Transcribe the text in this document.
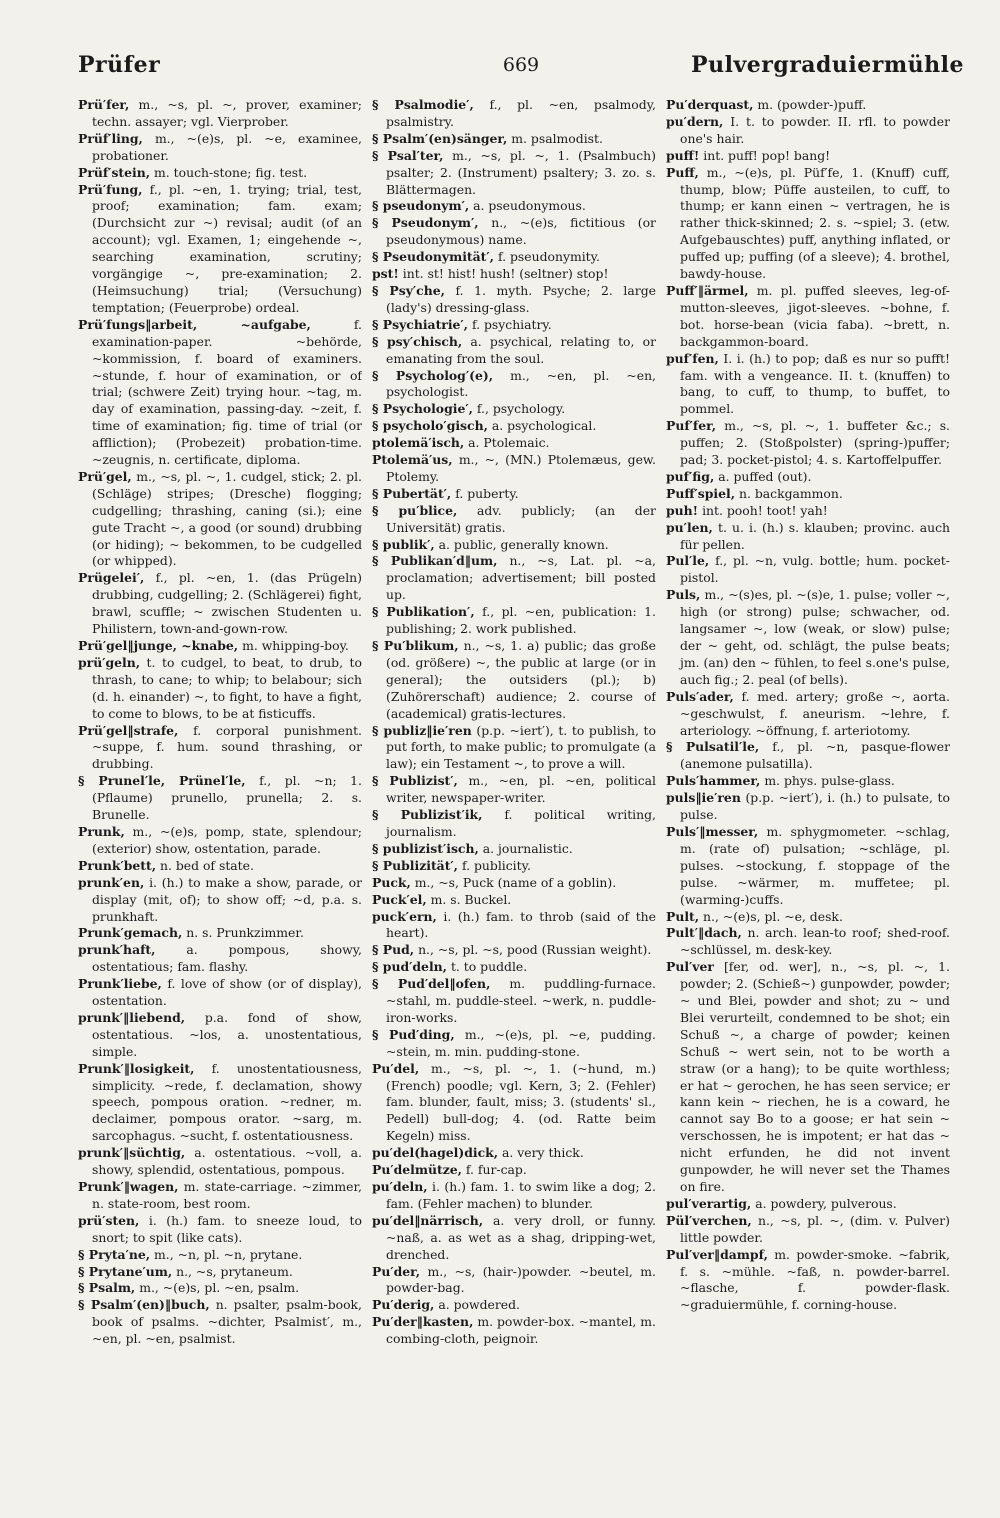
Prüfer	669	Pulvergraduiermühle

Prü′fer, m., ~s, pl. ~, prover, examiner; techn. assayer; vgl. Vierprober.

Prüf′ling, m., ~(e)s, pl. ~e, examinee, probationer.

Prüf′stein, m. touch-stone; fig. test.

Prü′fung, f., pl. ~en, 1. trying; trial, test, proof; examination; fam. exam; (Durchsicht zur ~) revisal; audit (of an account); vgl. Examen, 1; eingehende ~, searching examination, scrutiny; vorgängige ~, pre-examination; 2. (Heimsuchung) trial; (Versuchung) temptation; (Feuerprobe) ordeal.

Prü′fungs‖arbeit, ~aufgabe,	f. examination-paper. ~behörde, ~kommission, f. board of examiners. ~stunde, f. hour of examination, or of trial; (schwere Zeit) trying hour. ~tag, m. day of examination, passing-day. ~zeit, f. time of examination; fig. time of trial (or affliction); (Probezeit) probation-time. ~zeugnis, n. certificate, diploma.

Prü′gel, m., ~s, pl. ~, 1. cudgel, stick; 2. pl. (Schläge) stripes; (Dresche) flogging; cudgelling; thrashing, caning (si.); eine gute Tracht ~, a good (or sound) drubbing (or hiding); ~ bekommen, to be cudgelled (or whipped).

Prügelei′, f., pl. ~en, 1. (das Prügeln) drubbing, cudgelling; 2. (Schlägerei) fight, brawl, scuffle; ~ zwischen Studenten u. Philistern, town-and-gown-row.

Prü′gel‖junge, ~knabe, m. whipping-boy.

prü′geln, t. to cudgel, to beat, to drub, to thrash, to cane; to whip; to belabour; sich (d. h. einander) ~, to fight, to have a fight, to come to blows, to be at fisticuffs.

Prü′gel‖strafe, f. corporal punishment. ~suppe, f. hum. sound thrashing, or drubbing.

§ Prunel′le, Prünel′le, f., pl. ~n; 1. (Pflaume) prunello, prunella; 2. s. Brunelle.

Prunk, m., ~(e)s, pomp, state, splendour; (exterior) show, ostentation, parade.

Prunk′bett, n. bed of state.

prunk′en, i. (h.) to make a show, parade, or display (mit, of); to show off; ~d, p.a. s. prunkhaft.

Prunk′gemach, n. s. Prunkzimmer.

prunk′haft, a. pompous, showy, ostentatious; fam. flashy.

Prunk′liebe, f. love of show (or of display), ostentation.

prunk′‖liebend, p.a. fond of show, ostentatious. ~los, a. unostentatious, simple.

Prunk′‖losigkeit, f. unostentatiousness, simplicity. ~rede, f. declamation, showy speech, pompous oration. ~redner, m. declaimer, pompous orator. ~sarg, m. sarcophagus. ~sucht, f. ostentatiousness.

prunk′‖süchtig, a. ostentatious. ~voll, a. showy, splendid, ostentatious, pompous.

Prunk′‖wagen, m. state-carriage. ~zimmer, n. state-room, best room.

prü′sten, i. (h.) fam. to sneeze loud, to snort; to spit (like cats).

§ Pryta′ne, m., ~n, pl. ~n, prytane.

§ Prytane′um, n., ~s, prytaneum.

§ Psalm, m., ~(e)s, pl. ~en, psalm.

§ Psalm′(en)‖buch, n. psalter, psalm-book, book of psalms. ~dichter, Psalmist′, m., ~en, pl. ~en, psalmist.

§ Psalmodie′, f., pl. ~en, psalmody, psalmistry.

§ Psalm′(en)sänger, m. psalmodist.

§ Psal′ter, m., ~s, pl. ~, 1. (Psalmbuch) psalter; 2. (Instrument) psaltery; 3. zo. s. Blättermagen.

§ pseudonym′, a. pseudonymous.

§ Pseudonym′, n., ~(e)s, fictitious (or pseudonymous) name.

§ Pseudonymität′, f. pseudonymity.

pst! int. st! hist! hush! (seltner) stop!

§ Psy′che, f. 1. myth. Psyche; 2. large (lady's) dressing-glass.

§ Psychiatrie′, f. psychiatry.

§ psy′chisch, a. psychical, relating to, or emanating from the soul.

§ Psycholog′(e), m., ~en, pl. ~en, psychologist.

§ Psychologie′, f., psychology.

§ psycholo′gisch, a. psychological.

ptolemä′isch, a. Ptolemaic.

Ptolemä′us, m., ~, (MN.) Ptolemæus, gew. Ptolemy.

§ Pubertät′, f. puberty.

§ pu′blice, adv. publicly; (an der Universität) gratis.

§ publik′, a. public, generally known.

§ Publikan′d‖um, n., ~s, Lat. pl. ~a, proclamation; advertisement; bill posted up.

§ Publikation′, f., pl. ~en, publication: 1. publishing; 2. work published.

§ Pu′blikum, n., ~s, 1. a) public; das große (od. größere) ~, the public at large (or in general); the outsiders (pl.); b) (Zuhörerschaft) audience; 2. course of (academical) gratis-lectures.

§ publiz‖ie′ren (p.p. ~iert′), t. to publish, to put forth, to make public; to promulgate (a law); ein Testament ~, to prove a will.

§ Publizist′, m., ~en, pl. ~en, political writer, newspaper-writer.

§ Publizist′ik, f. political writing, journalism.

§ publizist′isch, a. journalistic.

§ Publizität′, f. publicity.

Puck, m., ~s, Puck (name of a goblin).

Puck′el, m. s. Buckel.

puck′ern, i. (h.) fam. to throb (said of the heart).

§ Pud, n., ~s, pl. ~s, pood (Russian weight).

§ pud′deln, t. to puddle.

§ Pud′del‖ofen, m. puddling-furnace. ~stahl, m. puddle-steel. ~werk, n. puddle-iron-works.

§ Pud′ding, m., ~(e)s, pl. ~e, pudding. ~stein, m. min. pudding-stone.

Pu′del, m., ~s, pl. ~, 1. (~hund, m.) (French) poodle; vgl. Kern, 3; 2. (Fehler) fam. blunder, fault, miss; 3. (students' sl., Pedell) bull-dog; 4. (od. Ratte beim Kegeln) miss.

pu′del(hagel)dick, a. very thick.

Pu′delmütze, f. fur-cap.

pu′deln, i. (h.) fam. 1. to swim like a dog; 2. fam. (Fehler machen) to blunder.

pu′del‖närrisch, a. very droll, or funny. ~naß, a. as wet as a shag, dripping-wet, drenched.

Pu′der, m., ~s, (hair-)powder. ~beutel, m. powder-bag.

Pu′derig, a. powdered.

Pu′der‖kasten, m. powder-box. ~mantel, m. combing-cloth, peignoir.

Pu′derquast, m. (powder-)puff.

pu′dern, I. t. to powder. II. rfl. to powder one's hair.

puff! int. puff! pop! bang!

Puff, m., ~(e)s, pl. Püf′fe, 1. (Knuff) cuff, thump, blow; Püffe austeilen, to cuff, to thump; er kann einen ~ vertragen, he is rather thick-skinned; 2. s. ~spiel; 3. (etw. Aufgebauschtes) puff, anything inflated, or puffed up; puffing (of a sleeve); 4. brothel, bawdy-house.

Puff′‖ärmel, m. pl. puffed sleeves, leg-of-mutton-sleeves, jigot-sleeves. ~bohne, f. bot. horse-bean (vicia faba). ~brett, n. backgammon-board.

puf′fen, I. i. (h.) to pop; daß es nur so pufft! fam. with a vengeance. II. t. (knuffen) to bang, to cuff, to thump, to buffet, to pommel.

Puf′fer, m., ~s, pl. ~, 1. buffeter &c.; s. puffen; 2. (Stoßpolster) (spring-)puffer; pad; 3. pocket-pistol; 4. s. Kartoffelpuffer.

puf′fig, a. puffed (out).

Puff′spiel, n. backgammon.

puh! int. pooh! toot! yah!

pu′len, t. u. i. (h.) s. klauben; provinc. auch für pellen.

Pul′le, f., pl. ~n, vulg. bottle; hum. pocket-pistol.

Puls, m., ~(s)es, pl. ~(s)e, 1. pulse; voller ~, high (or strong) pulse; schwacher, od. langsamer ~, low (weak, or slow) pulse; der ~ geht, od. schlägt, the pulse beats; jm. (an) den ~ fühlen, to feel s.one's pulse, auch fig.; 2. peal (of bells).

Puls′ader, f. med. artery; große ~, aorta. ~geschwulst, f. aneurism. ~lehre, f. arteriology. ~öffnung, f. arteriotomy.

§ Pulsatil′le, f., pl. ~n, pasque-flower (anemone pulsatilla).

Puls′hammer, m. phys. pulse-glass.

puls‖ie′ren (p.p. ~iert′), i. (h.) to pulsate, to pulse.

Puls′‖messer, m. sphygmometer. ~schlag, m. (rate of) pulsation; ~schläge, pl. pulses. ~stockung, f. stoppage of the pulse. ~wärmer, m. muffetee; pl. (warming-)cuffs.

Pult, n., ~(e)s, pl. ~e, desk.

Pult′‖dach, n. arch. lean-to roof; shed-roof. ~schlüssel, m. desk-key.

Pul′ver [fer, od. wer], n., ~s, pl. ~, 1. powder; 2. (Schieß~) gunpowder, powder; ~ und Blei, powder and shot; zu ~ und Blei verurteilt, condemned to be shot; ein Schuß ~, a charge of powder; keinen Schuß ~ wert sein, not to be worth a straw (or a hang); to be quite worthless; er hat ~ gerochen, he has seen service; er kann kein ~ riechen, he is a coward, he cannot say Bo to a goose; er hat sein ~ verschossen, he is impotent; er hat das ~ nicht erfunden, he did not invent gunpowder, he will never set the Thames on fire.

pul′verartig, a. powdery, pulverous.

Pül′verchen, n., ~s, pl. ~, (dim. v. Pulver) little powder.

Pul′ver‖dampf, m. powder-smoke. ~fabrik, f. s. ~mühle. ~faß, n. powder-barrel. ~flasche, f. powder-flask. ~graduiermühle, f. corning-house.
